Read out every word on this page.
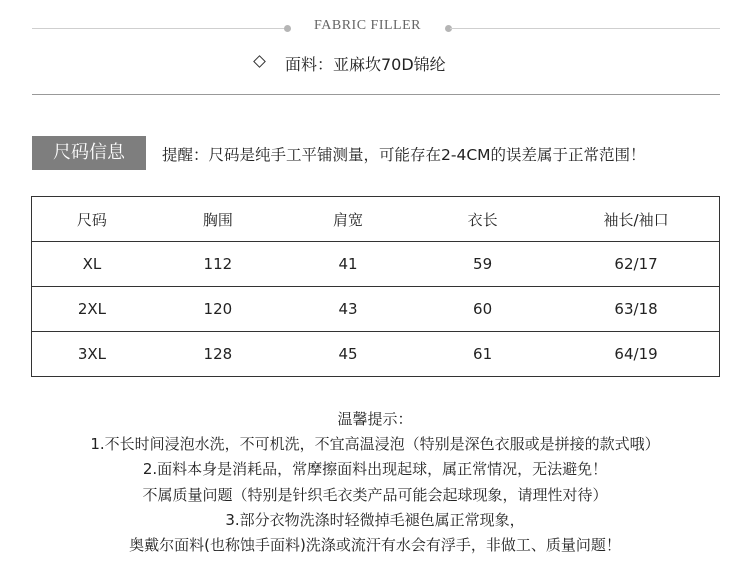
FABRIC FILLER
面料：亚麻坎70D锦纶
尺码信息	提醒：尺码是纯手工平铺测量，可能存在2-4CM的误差属于正常范围！
尺码	胸围	肩宽	衣长	袖长/袖口
XL	112	41	59	62/17
2XL	120	43	60	63/18
3XL	128	45	61	64/19
温馨提示：
1.不长时间浸泡水洗，不可机洗，不宜高温浸泡（特别是深色衣服或是拼接的款式哦）
2.面料本身是消耗品，常摩擦面料出现起球，属正常情况，无法避免！
不属质量问题（特别是针织毛衣类产品可能会起球现象，请理性对待）
3.部分衣物洗涤时轻微掉毛褪色属正常现象，
奥戴尔面料(也称蚀手面料)洗涤或流汗有水会有浮手，非做工、质量问题！
